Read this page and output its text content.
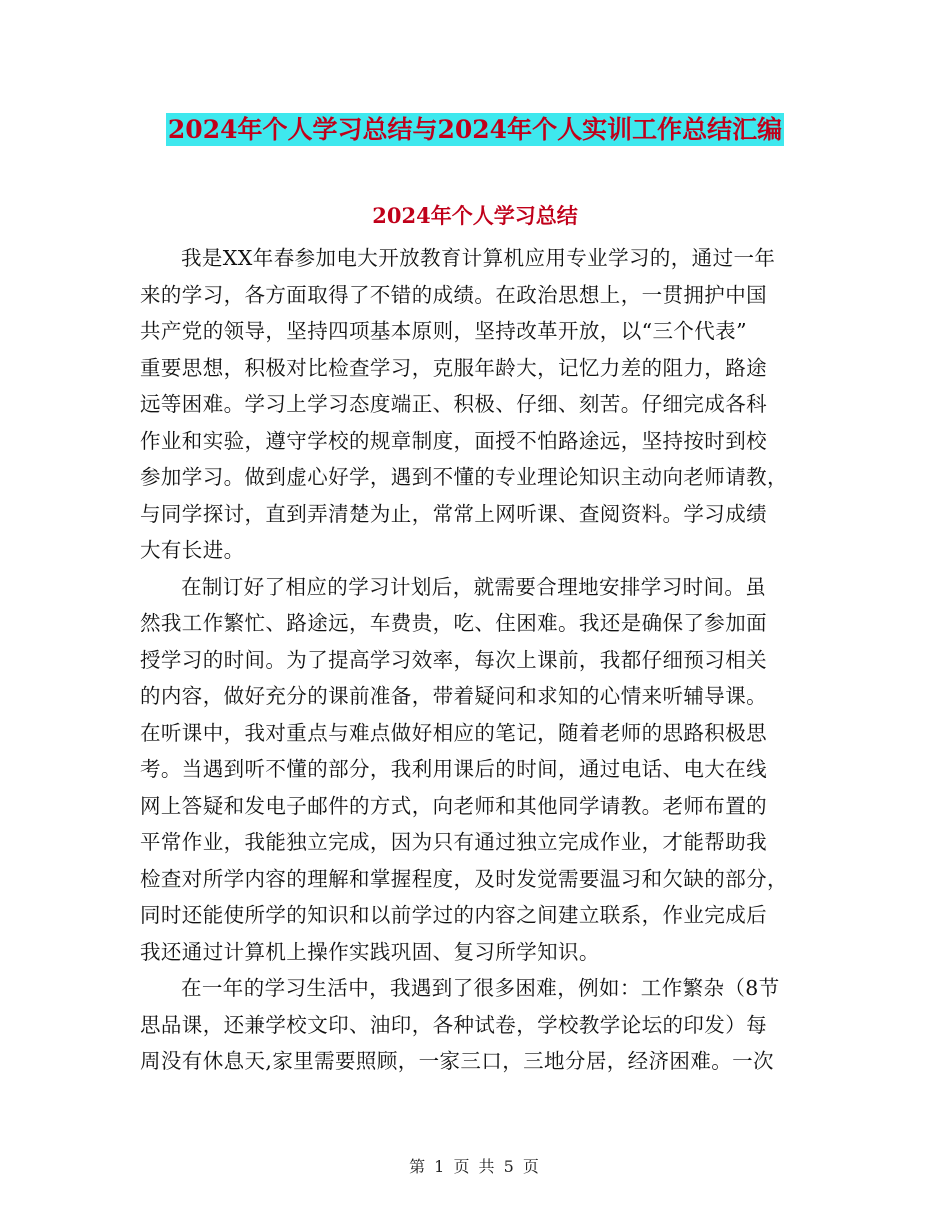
2024年个人学习总结与2024年个人实训工作总结汇编
2024年个人学习总结
我是XX年春参加电大开放教育计算机应用专业学习的，通过一年
来的学习，各方面取得了不错的成绩。在政治思想上，一贯拥护中国
共产党的领导，坚持四项基本原则，坚持改革开放，以“三个代表”
重要思想，积极对比检查学习，克服年龄大，记忆力差的阻力，路途
远等困难。学习上学习态度端正、积极、仔细、刻苦。仔细完成各科
作业和实验，遵守学校的规章制度，面授不怕路途远，坚持按时到校
参加学习。做到虚心好学，遇到不懂的专业理论知识主动向老师请教，
与同学探讨，直到弄清楚为止，常常上网听课、查阅资料。学习成绩
大有长进。
在制订好了相应的学习计划后，就需要合理地安排学习时间。虽
然我工作繁忙、路途远，车费贵，吃、住困难。我还是确保了参加面
授学习的时间。为了提高学习效率，每次上课前，我都仔细预习相关
的内容，做好充分的课前准备，带着疑问和求知的心情来听辅导课。
在听课中，我对重点与难点做好相应的笔记，随着老师的思路积极思
考。当遇到听不懂的部分，我利用课后的时间，通过电话、电大在线
网上答疑和发电子邮件的方式，向老师和其他同学请教。老师布置的
平常作业，我能独立完成，因为只有通过独立完成作业，才能帮助我
检查对所学内容的理解和掌握程度，及时发觉需要温习和欠缺的部分，
同时还能使所学的知识和以前学过的内容之间建立联系，作业完成后
我还通过计算机上操作实践巩固、复习所学知识。
在一年的学习生活中，我遇到了很多困难，例如：工作繁杂（8节
思品课，还兼学校文印、油印，各种试卷，学校教学论坛的印发）每
周没有休息天,家里需要照顾，一家三口，三地分居，经济困难。一次
第 1 页 共 5 页
